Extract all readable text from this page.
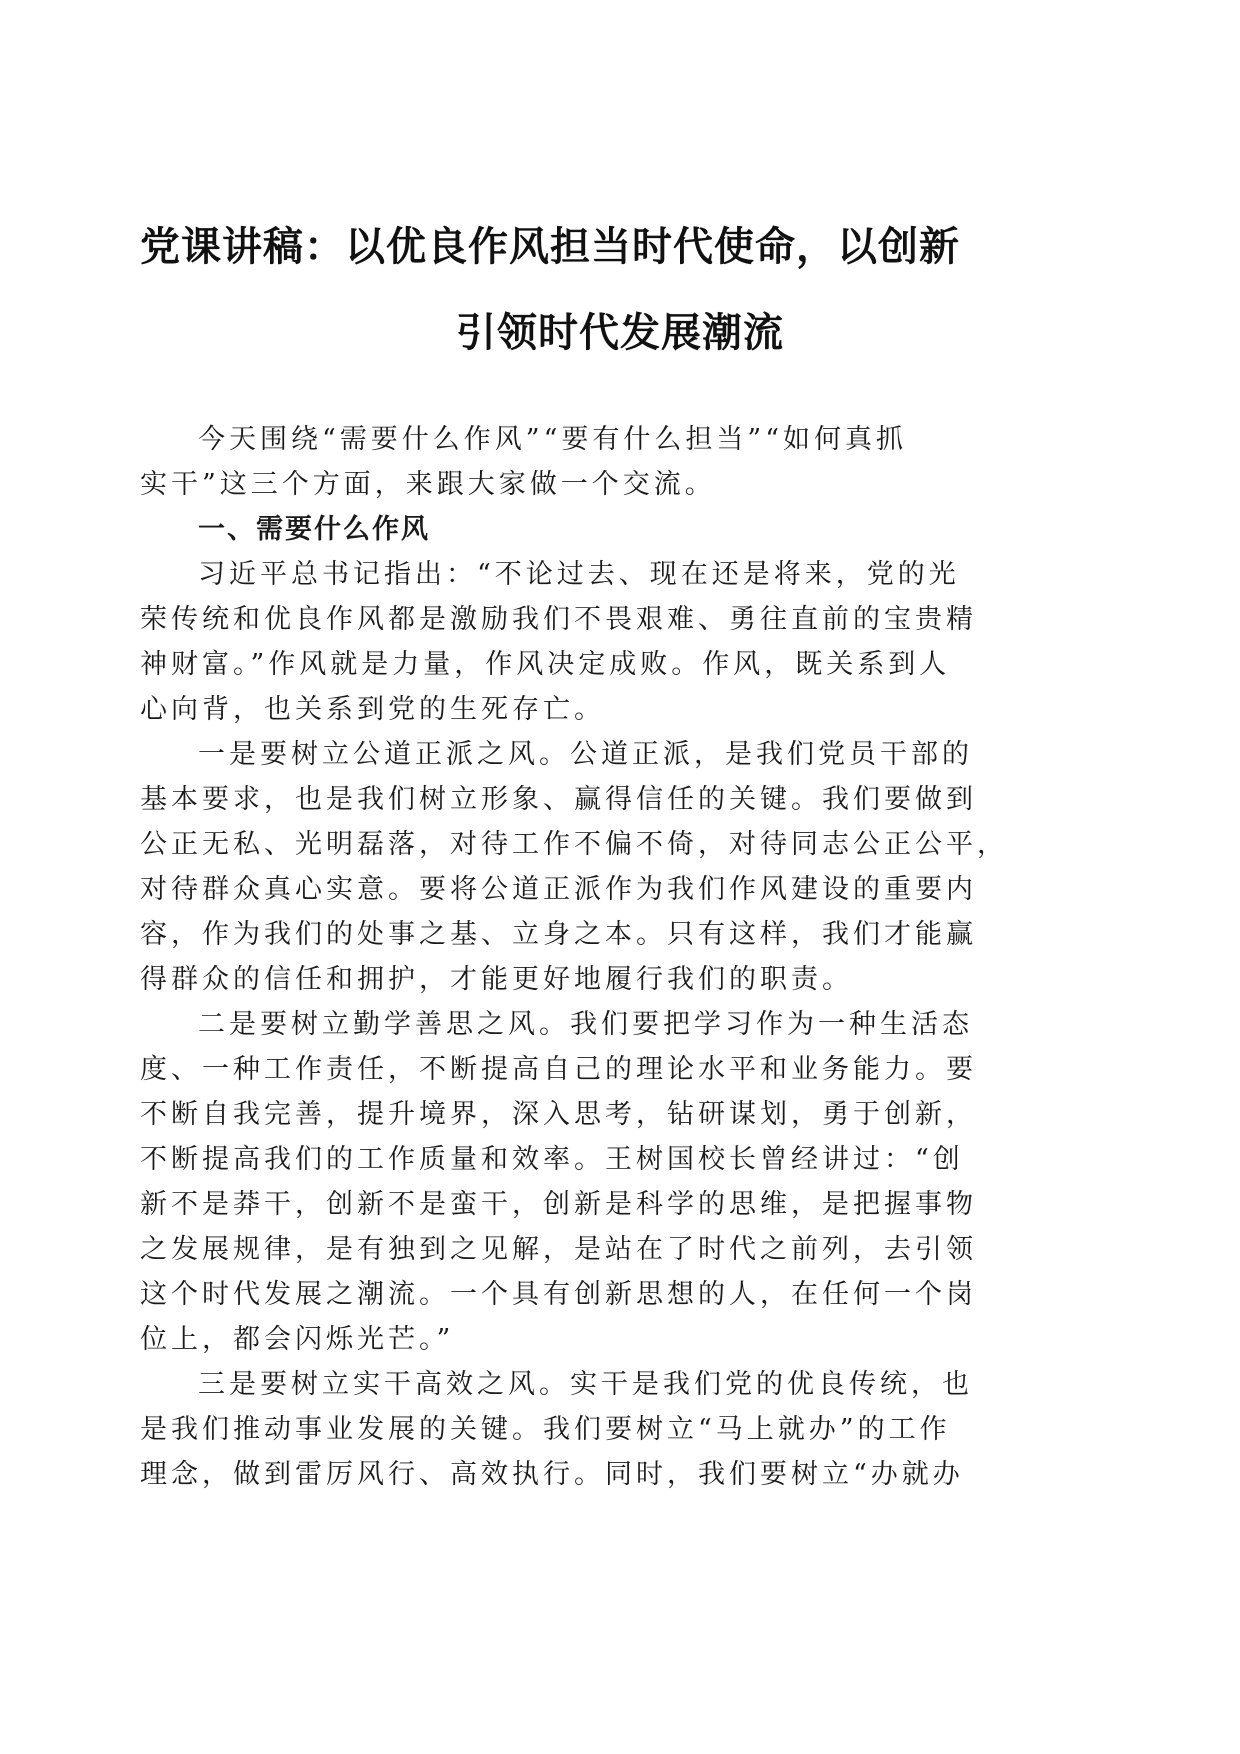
党课讲稿：以优良作风担当时代使命，以创新
引领时代发展潮流
今天围绕“需要什么作风”“要有什么担当”“如何真抓
实干”这三个方面，来跟大家做一个交流。
一、需要什么作风
习近平总书记指出：“不论过去、现在还是将来，党的光
荣传统和优良作风都是激励我们不畏艰难、勇往直前的宝贵精
神财富。”作风就是力量，作风决定成败。作风，既关系到人
心向背，也关系到党的生死存亡。
一是要树立公道正派之风。公道正派，是我们党员干部的
基本要求，也是我们树立形象、赢得信任的关键。我们要做到
公正无私、光明磊落，对待工作不偏不倚，对待同志公正公平，
对待群众真心实意。要将公道正派作为我们作风建设的重要内
容，作为我们的处事之基、立身之本。只有这样，我们才能赢
得群众的信任和拥护，才能更好地履行我们的职责。
二是要树立勤学善思之风。我们要把学习作为一种生活态
度、一种工作责任，不断提高自己的理论水平和业务能力。要
不断自我完善，提升境界，深入思考，钻研谋划，勇于创新，
不断提高我们的工作质量和效率。王树国校长曾经讲过：“创
新不是莽干，创新不是蛮干，创新是科学的思维，是把握事物
之发展规律，是有独到之见解，是站在了时代之前列，去引领
这个时代发展之潮流。一个具有创新思想的人，在任何一个岗
位上，都会闪烁光芒。”
三是要树立实干高效之风。实干是我们党的优良传统，也
是我们推动事业发展的关键。我们要树立“马上就办”的工作
理念，做到雷厉风行、高效执行。同时，我们要树立“办就办
